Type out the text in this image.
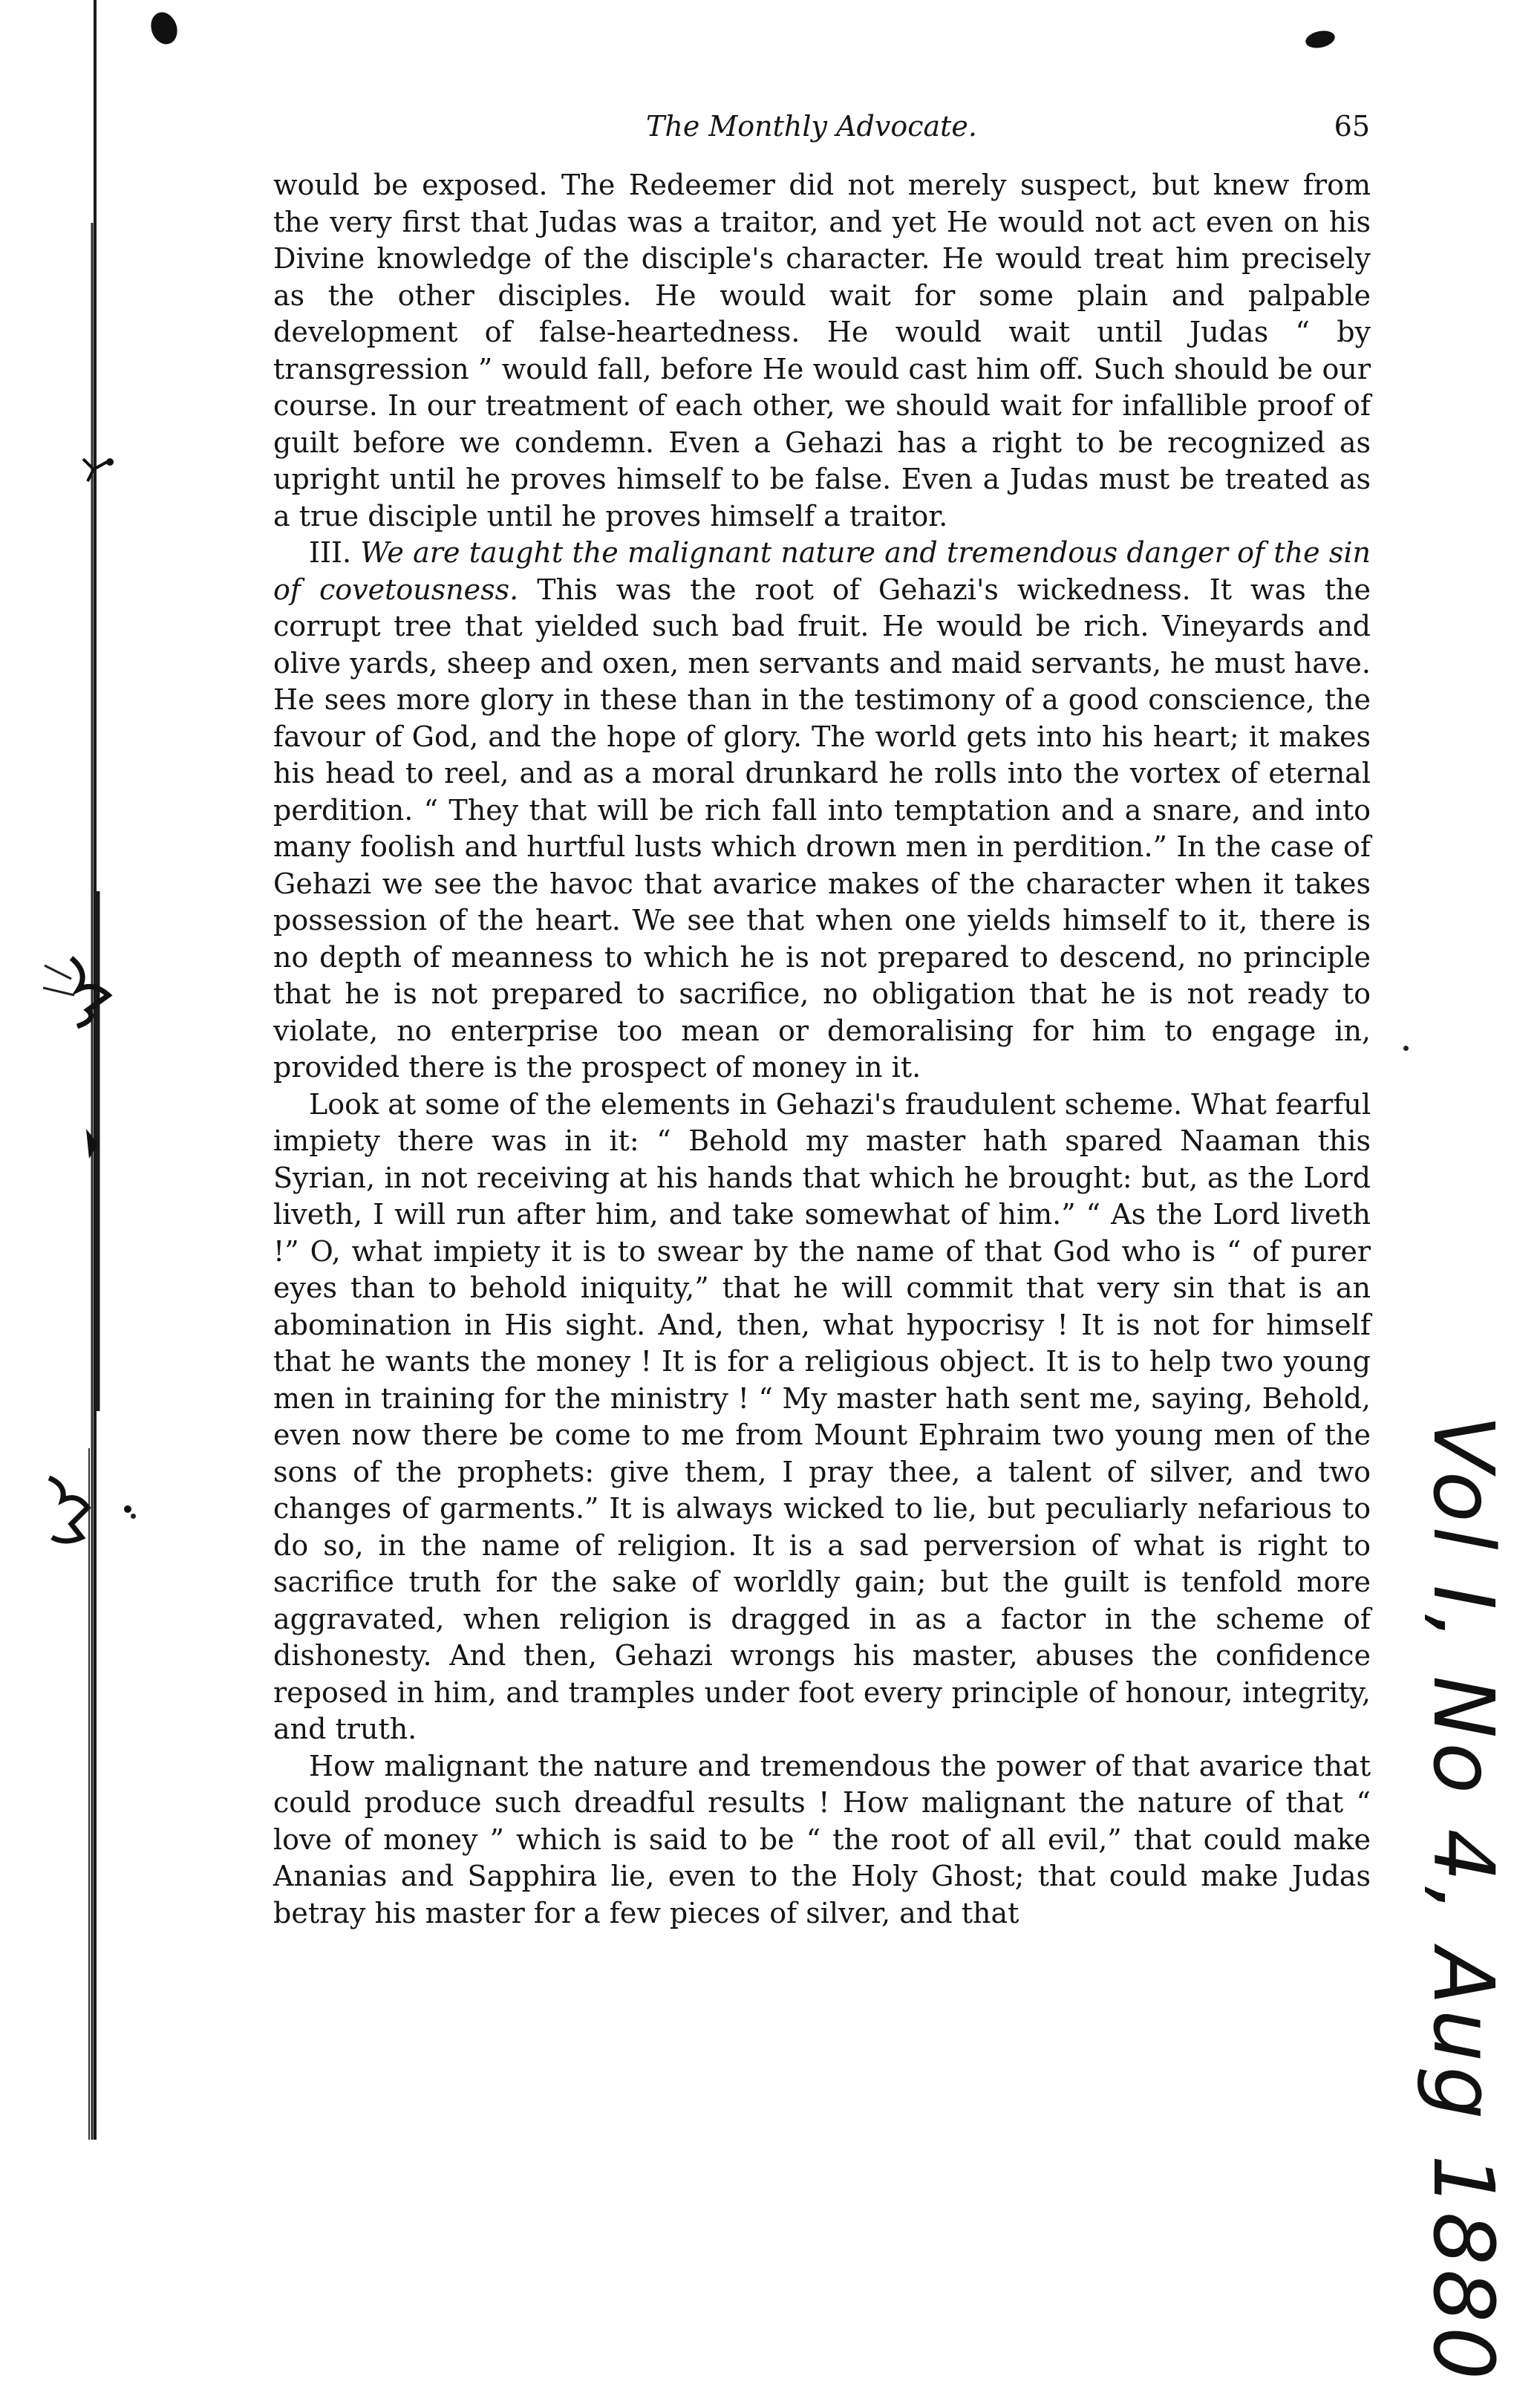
The Monthly Advocate.	65

would be exposed. The Redeemer did not merely suspect, but knew from the very first that Judas was a traitor, and yet He would not act even on his Divine knowledge of the disciple's character. He would treat him precisely as the other disciples. He would wait for some plain and palpable development of false-heartedness. He would wait until Judas “ by transgression ” would fall, before He would cast him off. Such should be our course. In our treatment of each other, we should wait for infallible proof of guilt before we condemn. Even a Gehazi has a right to be recognized as upright until he proves himself to be false. Even a Judas must be treated as a true disciple until he proves himself a traitor.

III. We are taught the malignant nature and tremendous danger of the sin of covetousness. This was the root of Gehazi's wickedness. It was the corrupt tree that yielded such bad fruit. He would be rich. Vineyards and olive yards, sheep and oxen, men servants and maid servants, he must have. He sees more glory in these than in the testimony of a good conscience, the favour of God, and the hope of glory. The world gets into his heart; it makes his head to reel, and as a moral drunkard he rolls into the vortex of eternal perdition. “ They that will be rich fall into temptation and a snare, and into many foolish and hurtful lusts which drown men in perdition.” In the case of Gehazi we see the havoc that avarice makes of the character when it takes possession of the heart. We see that when one yields himself to it, there is no depth of meanness to which he is not prepared to descend, no principle that he is not prepared to sacrifice, no obligation that he is not ready to violate, no enterprise too mean or demoralising for him to engage in, provided there is the prospect of money in it.

Look at some of the elements in Gehazi's fraudulent scheme. What fearful impiety there was in it: “ Behold my master hath spared Naaman this Syrian, in not receiving at his hands that which he brought: but, as the Lord liveth, I will run after him, and take somewhat of him.” “ As the Lord liveth !” O, what impiety it is to swear by the name of that God who is “ of purer eyes than to behold iniquity,” that he will commit that very sin that is an abomination in His sight. And, then, what hypocrisy ! It is not for himself that he wants the money ! It is for a religious object. It is to help two young men in training for the ministry ! “ My master hath sent me, saying, Behold, even now there be come to me from Mount Ephraim two young men of the sons of the prophets: give them, I pray thee, a talent of silver, and two changes of garments.” It is always wicked to lie, but peculiarly nefarious to do so, in the name of religion. It is a sad perversion of what is right to sacrifice truth for the sake of worldly gain; but the guilt is tenfold more aggravated, when religion is dragged in as a factor in the scheme of dishonesty. And then, Gehazi wrongs his master, abuses the confidence reposed in him, and tramples under foot every principle of honour, integrity, and truth.

How malignant the nature and tremendous the power of that avarice that could produce such dreadful results ! How malignant the nature of that “ love of money ” which is said to be “ the root of all evil,” that could make Ananias and Sapphira lie, even to the Holy Ghost; that could make Judas betray his master for a few pieces of silver, and that	Vol I, No 4, Aug 1880
